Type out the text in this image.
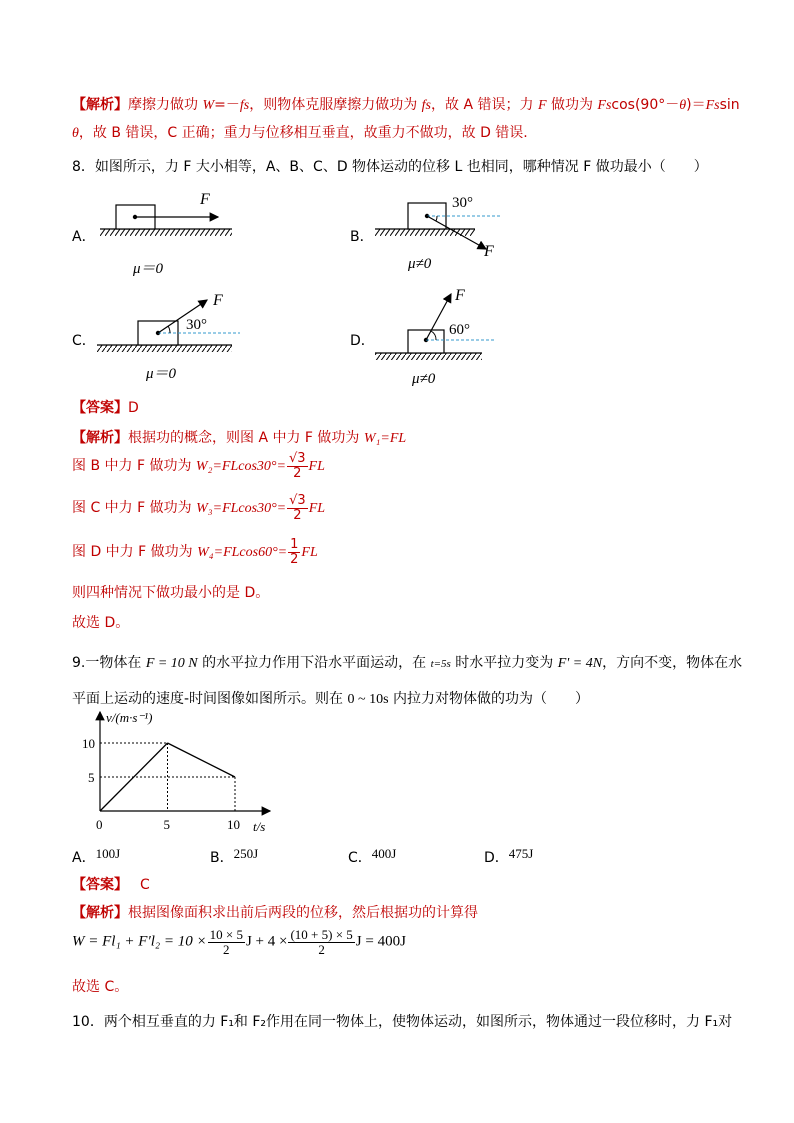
【解析】摩擦力做功 W=－fs，则物体克服摩擦力做功为 fs，故 A 错误；力 F 做功为 Fscos(90°－θ)＝Fssin
θ，故 B 错误，C 正确；重力与位移相互垂直，故重力不做功，故 D 错误.
8．如图所示，力 F 大小相等，A、B、C、D 物体运动的位移 L 也相同，哪种情况 F 做功最小（　　）
A．	B．
C．	D．
F
μ＝0
30°
F
μ≠0
30°
F
μ＝0
60°
F
μ≠0
【答案】D
【解析】根据功的概念，则图 A 中力 F 做功为 W₁=FL
图 B 中力 F 做功为 $W_2=FLcos30^\circ= \frac{√3}{2}$ FL
图 C 中力 F 做功为 $W_3=FLcos30^\circ= \frac{√3}{2}$ FL
图 D 中力 F 做功为 $W_4=FLcos60^\circ= \frac{1}{2}$ FL
则四种情况下做功最小的是 D。
故选 D。
9.一物体在 F = 10 N 的水平拉力作用下沿水平面运动，在 t=5s 时水平拉力变为 F' = 4N，方向不变，物体在水
平面上运动的速度-时间图像如图所示。则在 0 ~ 10s 内拉力对物体做的功为（　　）
0	5	10
5
10
v/(m·s⁻¹)
t/s
A．100J	B．250J	C．400J	D．475J
【答案】 C
【解析】根据图像面积求出前后两段的位移，然后根据功的计算得
$W = Fl_1 + F'l_2 = 10 \times \frac{10 \times 5}{2}$ $J + 4 \times \frac{(10 + 5) \times 5}{2}$ J = 400J
故选 C。
10．两个相互垂直的力 F₁和 F₂作用在同一物体上，使物体运动，如图所示，物体通过一段位移时，力 F₁对
